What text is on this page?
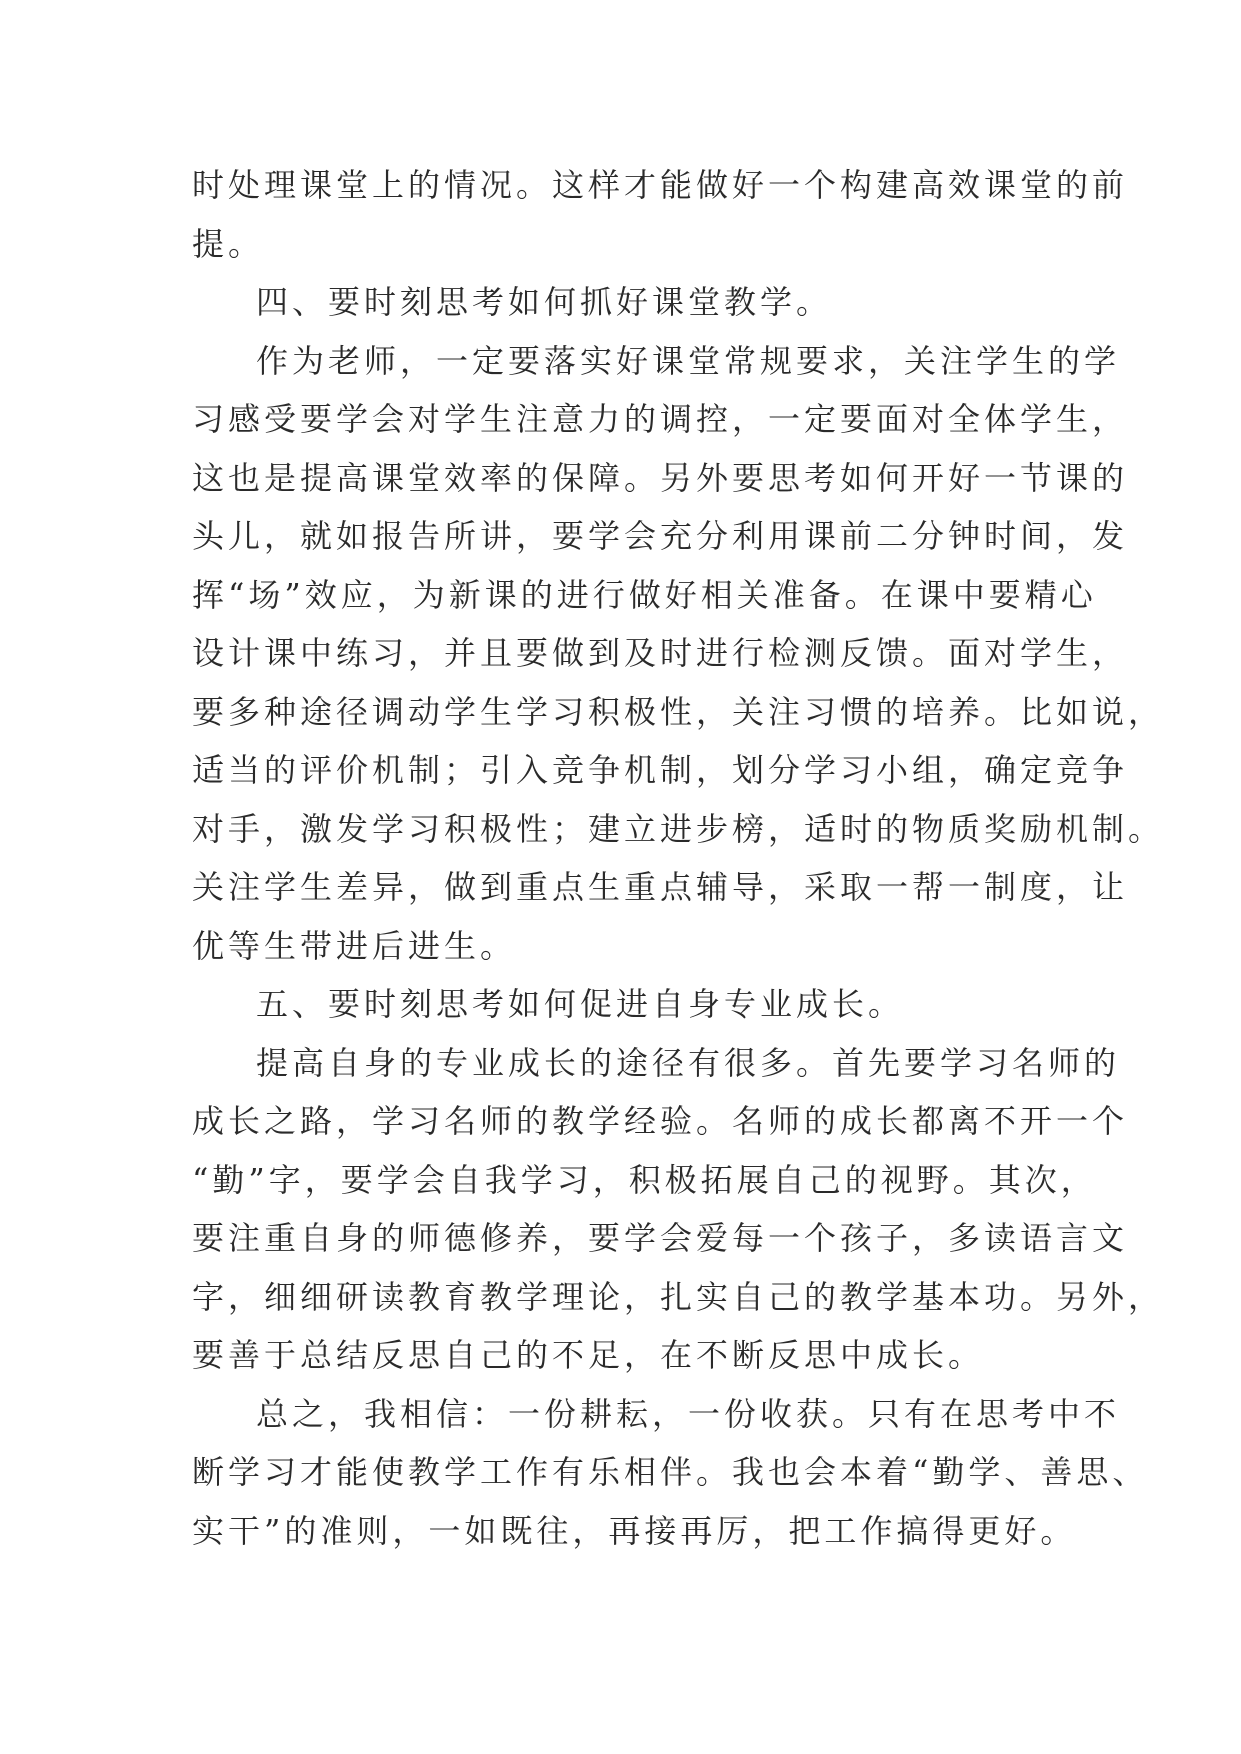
时处理课堂上的情况。这样才能做好一个构建高效课堂的前
提。
四、要时刻思考如何抓好课堂教学。
作为老师，一定要落实好课堂常规要求，关注学生的学
习感受要学会对学生注意力的调控，一定要面对全体学生，
这也是提高课堂效率的保障。另外要思考如何开好一节课的
头儿，就如报告所讲，要学会充分利用课前二分钟时间，发
挥“场”效应，为新课的进行做好相关准备。在课中要精心
设计课中练习，并且要做到及时进行检测反馈。面对学生，
要多种途径调动学生学习积极性，关注习惯的培养。比如说，
适当的评价机制；引入竞争机制，划分学习小组，确定竞争
对手，激发学习积极性；建立进步榜，适时的物质奖励机制。
关注学生差异，做到重点生重点辅导，采取一帮一制度，让
优等生带进后进生。
五、要时刻思考如何促进自身专业成长。
提高自身的专业成长的途径有很多。首先要学习名师的
成长之路，学习名师的教学经验。名师的成长都离不开一个
“勤”字，要学会自我学习，积极拓展自己的视野。其次，
要注重自身的师德修养，要学会爱每一个孩子，多读语言文
字，细细研读教育教学理论，扎实自己的教学基本功。另外，
要善于总结反思自己的不足，在不断反思中成长。
总之，我相信：一份耕耘，一份收获。只有在思考中不
断学习才能使教学工作有乐相伴。我也会本着“勤学、善思、
实干”的准则，一如既往，再接再厉，把工作搞得更好。
